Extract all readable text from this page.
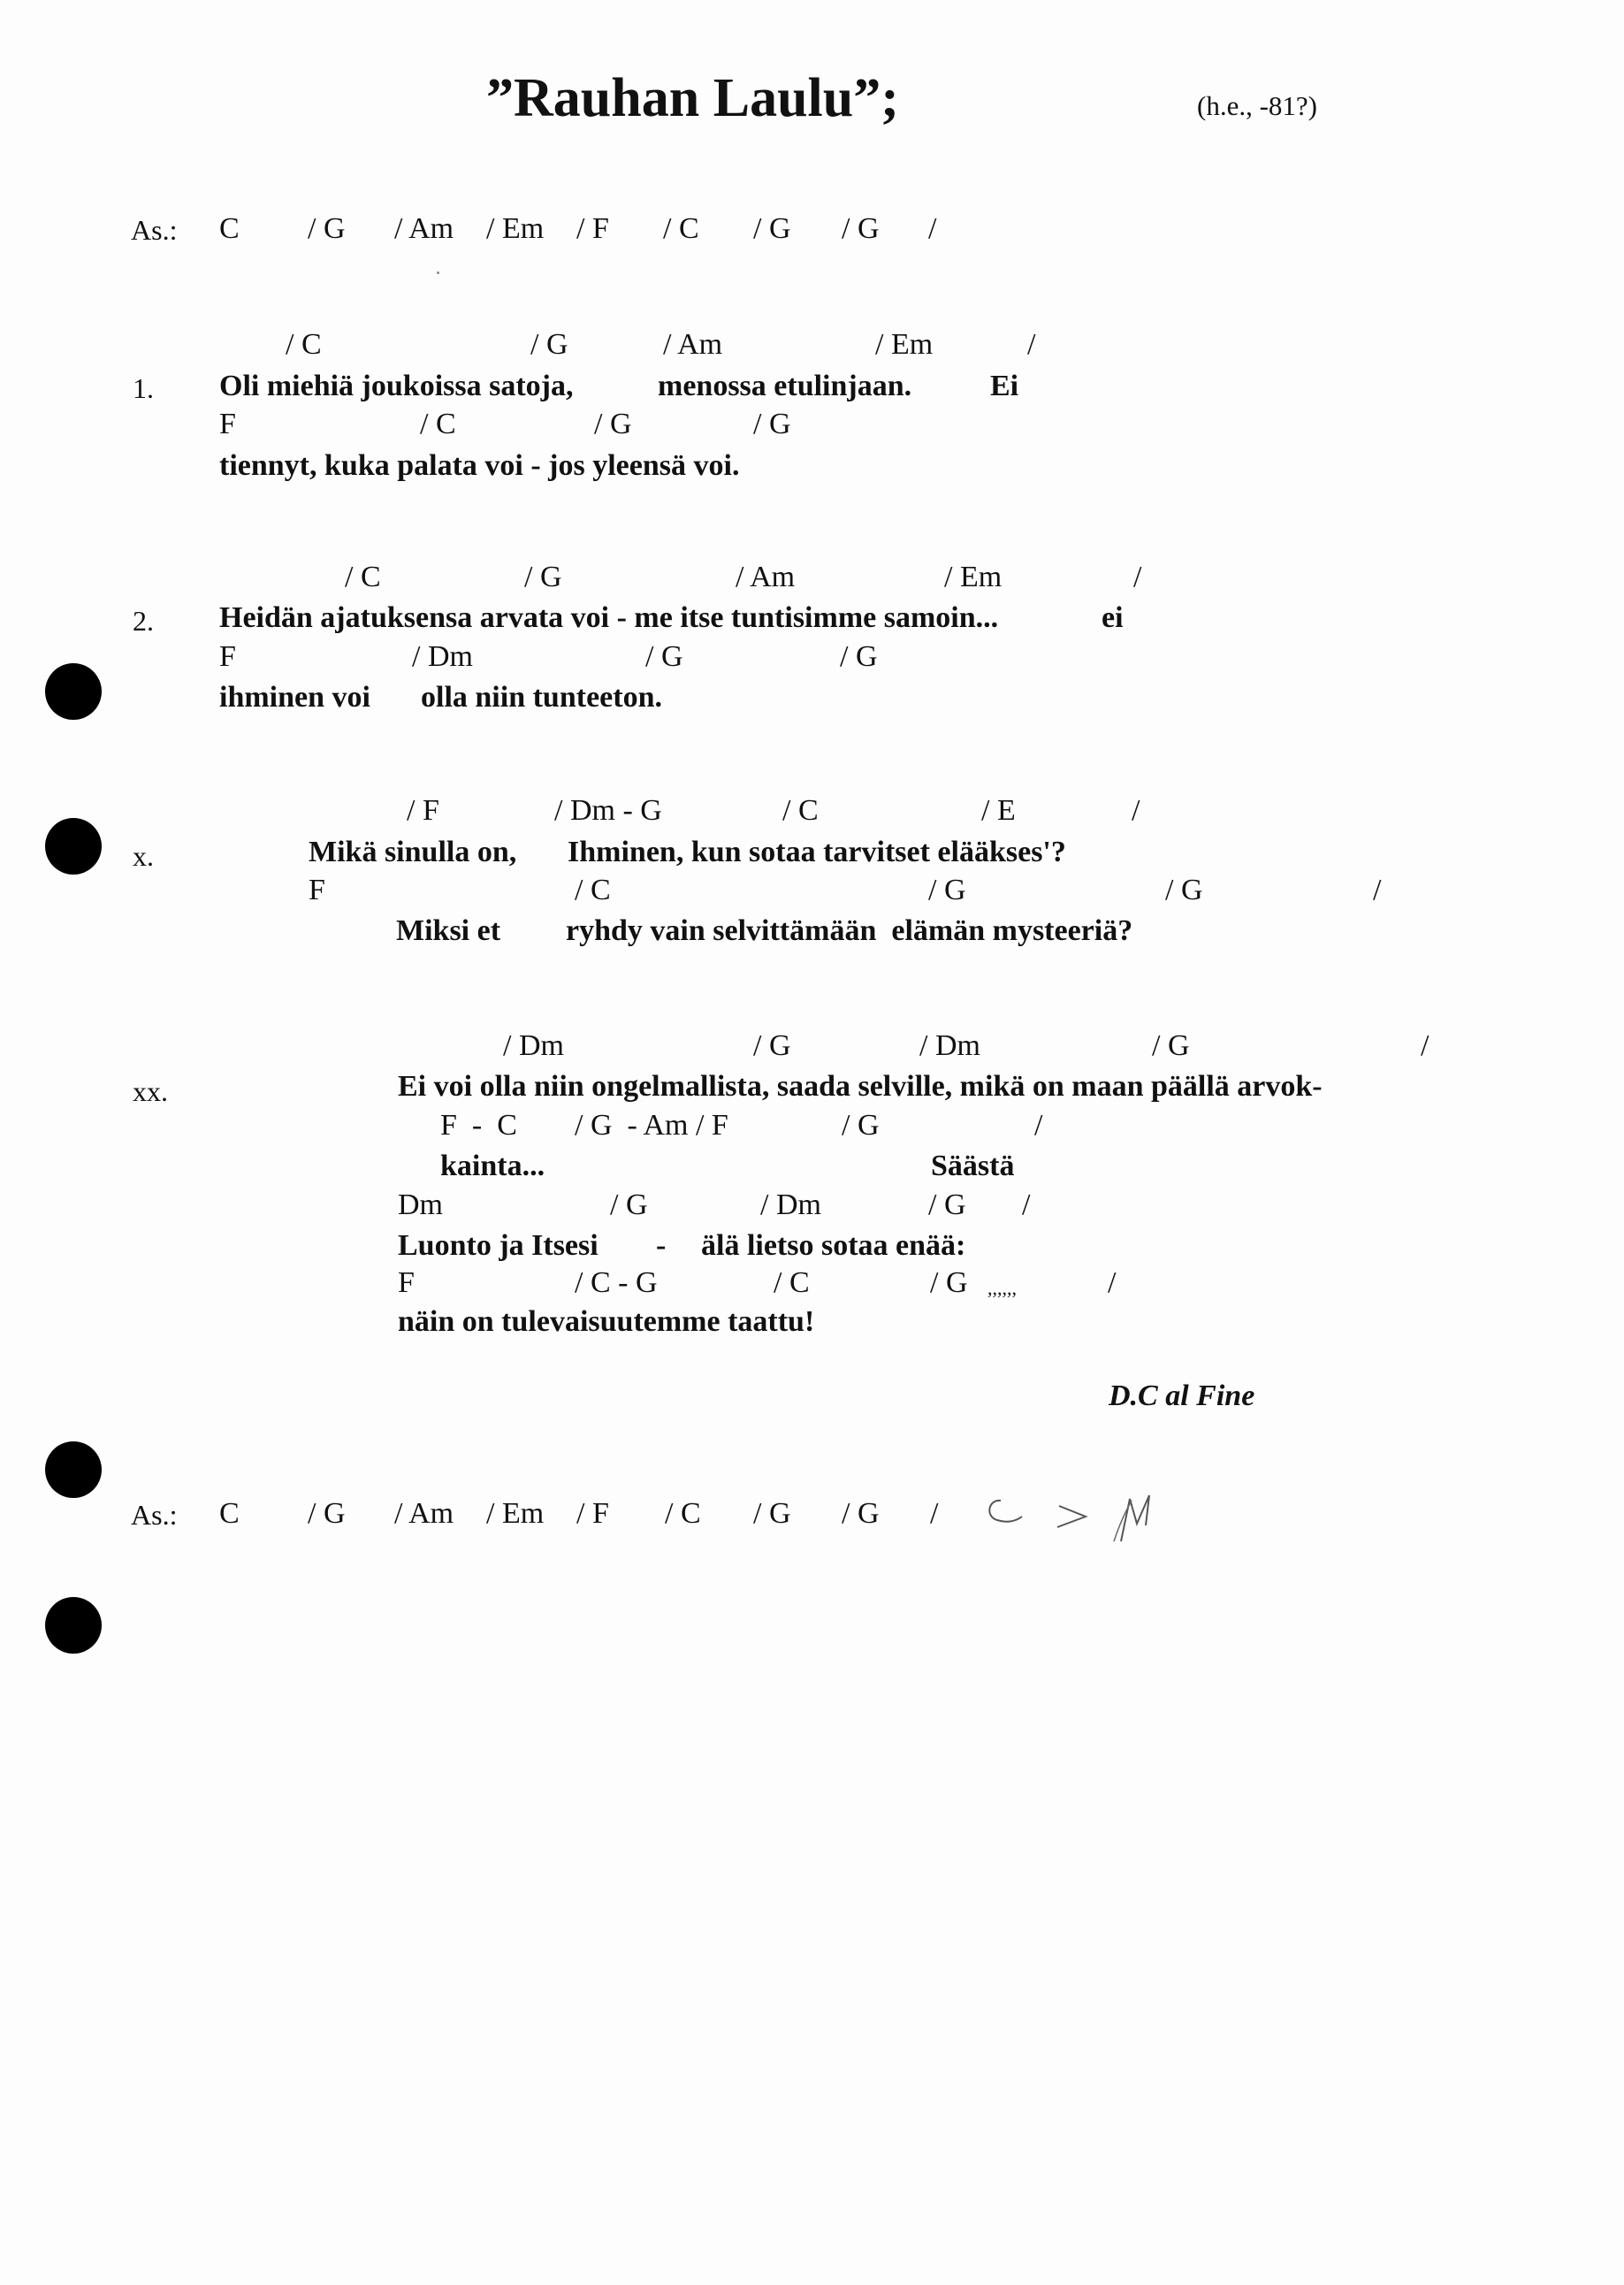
”Rauhan Laulu”;	(h.e., -81?)
As.: C / G / Am / Em / F / C / G / G /
/ C	/ G	/ Am	/ Em	/
1. Oli miehiä joukoissa satoja,	menossa etulinjaan.	Ei
F	/ C	/ G	/ G
tiennyt, kuka palata voi - jos yleensä voi.
/ C	/ G	/ Am	/ Em	/
2. Heidän ajatuksensa arvata voi - me itse tuntisimme samoin...	ei
F	/ Dm	/ G	/ G
ihminen voi olla niin tunteeton.
/ F	/ Dm - G	/ C	/ E	/
x.	Mikä sinulla on, Ihminen, kun sotaa tarvitset elääkses'?
F	/ C	/ G	/ G	/
Miksi et ryhdy vain selvittämään  elämän mysteeriä?
/ Dm	/ G	/ Dm	/ G	/
xx.	Ei voi olla niin ongelmallista, saada selville, mikä on maan päällä arvok-
F  -  C / G  - Am / F	/ G	/
kainta...	Säästä
Dm	/ G	/ Dm	/ G /
Luonto ja Itsesi - älä lietso sotaa enää:
F	/ C - G	/ C	/ G ,,,,,,	/
näin on tulevaisuutemme taattu!
D.C al Fine
As.: C / G / Am / Em / F / C / G / G /
